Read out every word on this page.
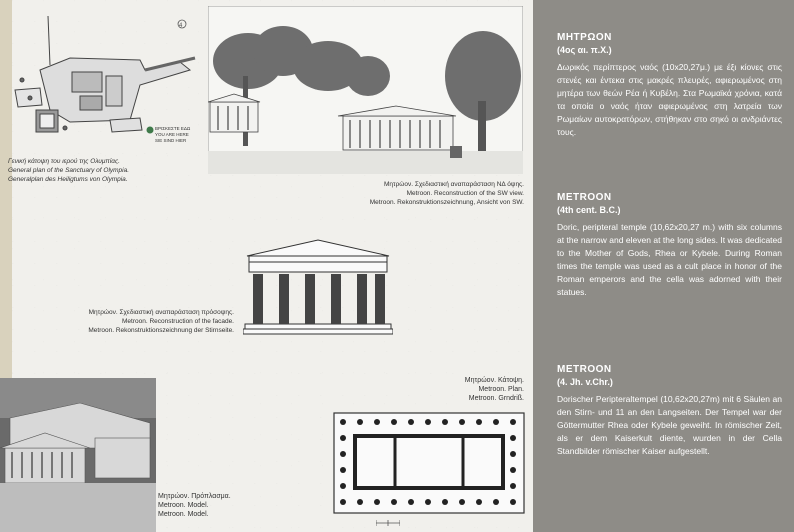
4
ΒΡΙΣΚΕΣΤΕ ΕΔΩ
YOU ARE HERE
SIE SIND HIER
Γενική κάτοψη του ιερού της Ολυμπίας.
General plan of the Sanctuary of Olympia.
Generalplan des Heiligtums von Olympia.
Μητρώον. Σχεδιαστική αναπαράσταση ΝΔ όψης.
Metroon. Reconstruction of the SW view.
Metroon. Rekonstruktionszeichnung, Ansicht von SW.
Μητρώον. Σχεδιαστική αναπαράσταση πρόσοψης.
Metroon. Reconstruction of the facade.
Metroon. Rekonstruktionszeichnung der Stirnseite.
Μητρώον. Πρόπλασμα.
Metroon. Model.
Metroon. Model.
Μητρώον. Κάτοψη.
Metroon. Plan.
Metroon. Grndriß.
ΜΗΤΡΩΟΝ
(4ος αι. π.Χ.)
Δωρικός περίπτερος ναός (10x20,27μ.) με έξι κίονες στις στενές και έντεκα στις μακρές πλευρές, αφιερωμένος στη μητέρα των θεών Ρέα ή Κυβέλη. Στα Ρωμαϊκά χρόνια, κατά τα οποία ο ναός ήταν αφιερωμένος στη λατρεία των Ρωμαίων αυτοκρατόρων, στήθηκαν στο σηκό οι ανδριάντες τους.
METROON
(4th cent. B.C.)
Doric, peripteral temple (10,62x20,27 m.) with six columns at the narrow and eleven at the long sides. It was dedicated to the Mother of Gods, Rhea or Kybele. During Roman times the temple was used as a cult place in honor of the Roman emperors and the cella was adorned with their statues.
METROON
(4. Jh. v.Chr.)
Dorischer Peripteraltempel (10,62x20,27m) mit 6 Säulen an den Stirn- und 11 an den Langseiten. Der Tempel war der Göttermutter Rhea oder Kybele geweiht. In römischer Zeit, als er dem Kaiserkult diente, wurden in der Cella Standbilder römischer Kaiser aufgestellt.
